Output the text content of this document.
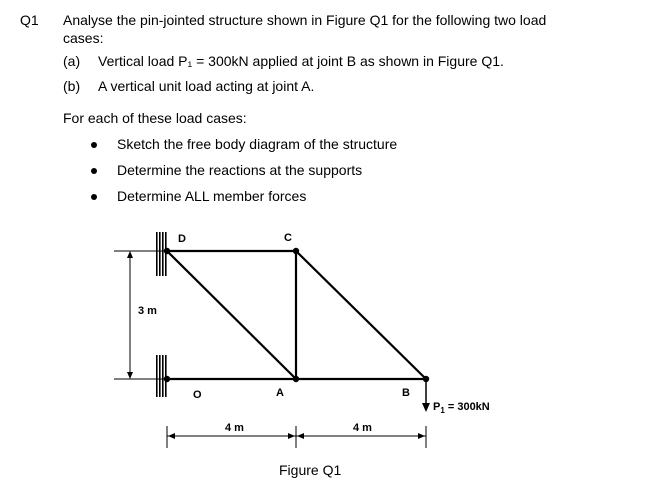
Q1 Analyse the pin-jointed structure shown in Figure Q1 for the following two load
cases:
(a) Vertical load P₁ = 300kN applied at joint B as shown in Figure Q1.
(b) A vertical unit load acting at joint A.
For each of these load cases:
Sketch the free body diagram of the structure
Determine the reactions at the supports
Determine ALL member forces
D	C
O	A	B
3 m
4 m	4 m
$P_1 = 300kN$
Figure Q1
